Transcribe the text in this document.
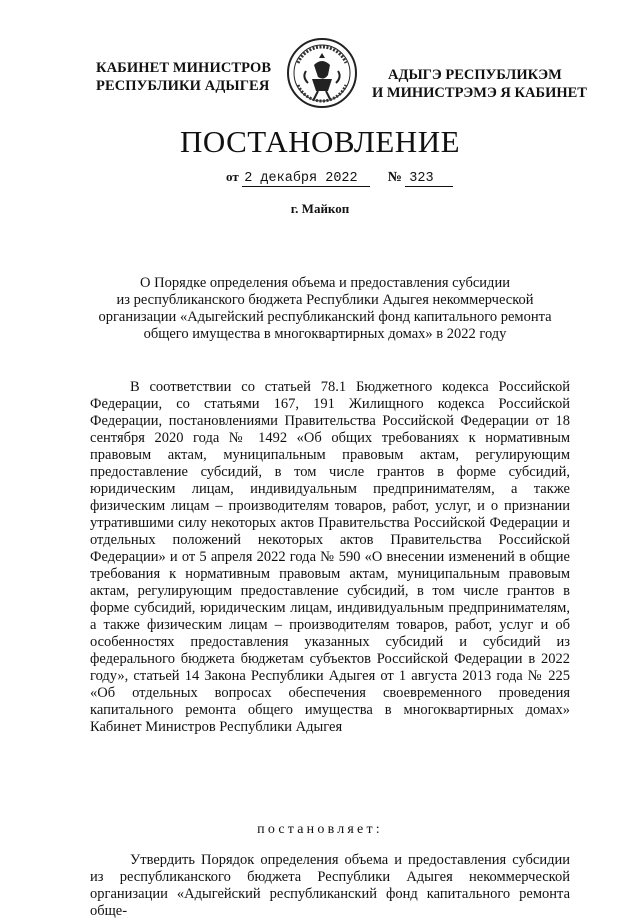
КАБИНЕТ МИНИСТРОВ
РЕСПУБЛИКИ АДЫГЕЯ
АДЫГЭ РЕСПУБЛИКЭМ
И МИНИСТРЭМЭ Я КАБИНЕТ
ПОСТАНОВЛЕНИЕ
от 2 декабря 2022 № 323
г. Майкоп
О Порядке определения объема и предоставления субсидии
из республиканского бюджета Республики Адыгея некоммерческой
организации «Адыгейский республиканский фонд капитального ремонта
общего имущества в многоквартирных домах» в 2022 году

В соответствии со статьей 78.1 Бюджетного кодекса Российской Федерации, со статьями 167, 191 Жилищного кодекса Российской Федерации, постановлениями Правительства Российской Федерации от 18 сентября 2020 года № 1492 «Об общих требованиях к нормативным правовым актам, муниципальным правовым актам, регулирующим предоставление субсидий, в том числе грантов в форме субсидий, юридическим лицам, индивидуальным предпринимателям, а также физическим лицам – производителям товаров, работ, услуг, и о признании утратившими силу некоторых актов Правительства Российской Федерации и отдельных положений некоторых актов Правительства Российской Федерации» и от 5 апреля 2022 года № 590 «О внесении изменений в общие требования к нормативным правовым актам, муниципальным правовым актам, регулирующим предоставление субсидий, в том числе грантов в форме субсидий, юридическим лицам, индивидуальным предпринимателям, а также физическим лицам – производителям товаров, работ, услуг и об особенностях предоставления указанных субсидий и субсидий из федерального бюджета бюджетам субъектов Российской Федерации в 2022 году», статьей 14 Закона Республики Адыгея от 1 августа 2013 года № 225 «Об отдельных вопросах обеспечения своевременного проведения капитального ремонта общего имущества в многоквартирных домах» Кабинет Министров Республики Адыгея

постановляет:

Утвердить Порядок определения объема и предоставления субсидии из республиканского бюджета Республики Адыгея некоммерческой организации «Адыгейский республиканский фонд капитального ремонта обще-
